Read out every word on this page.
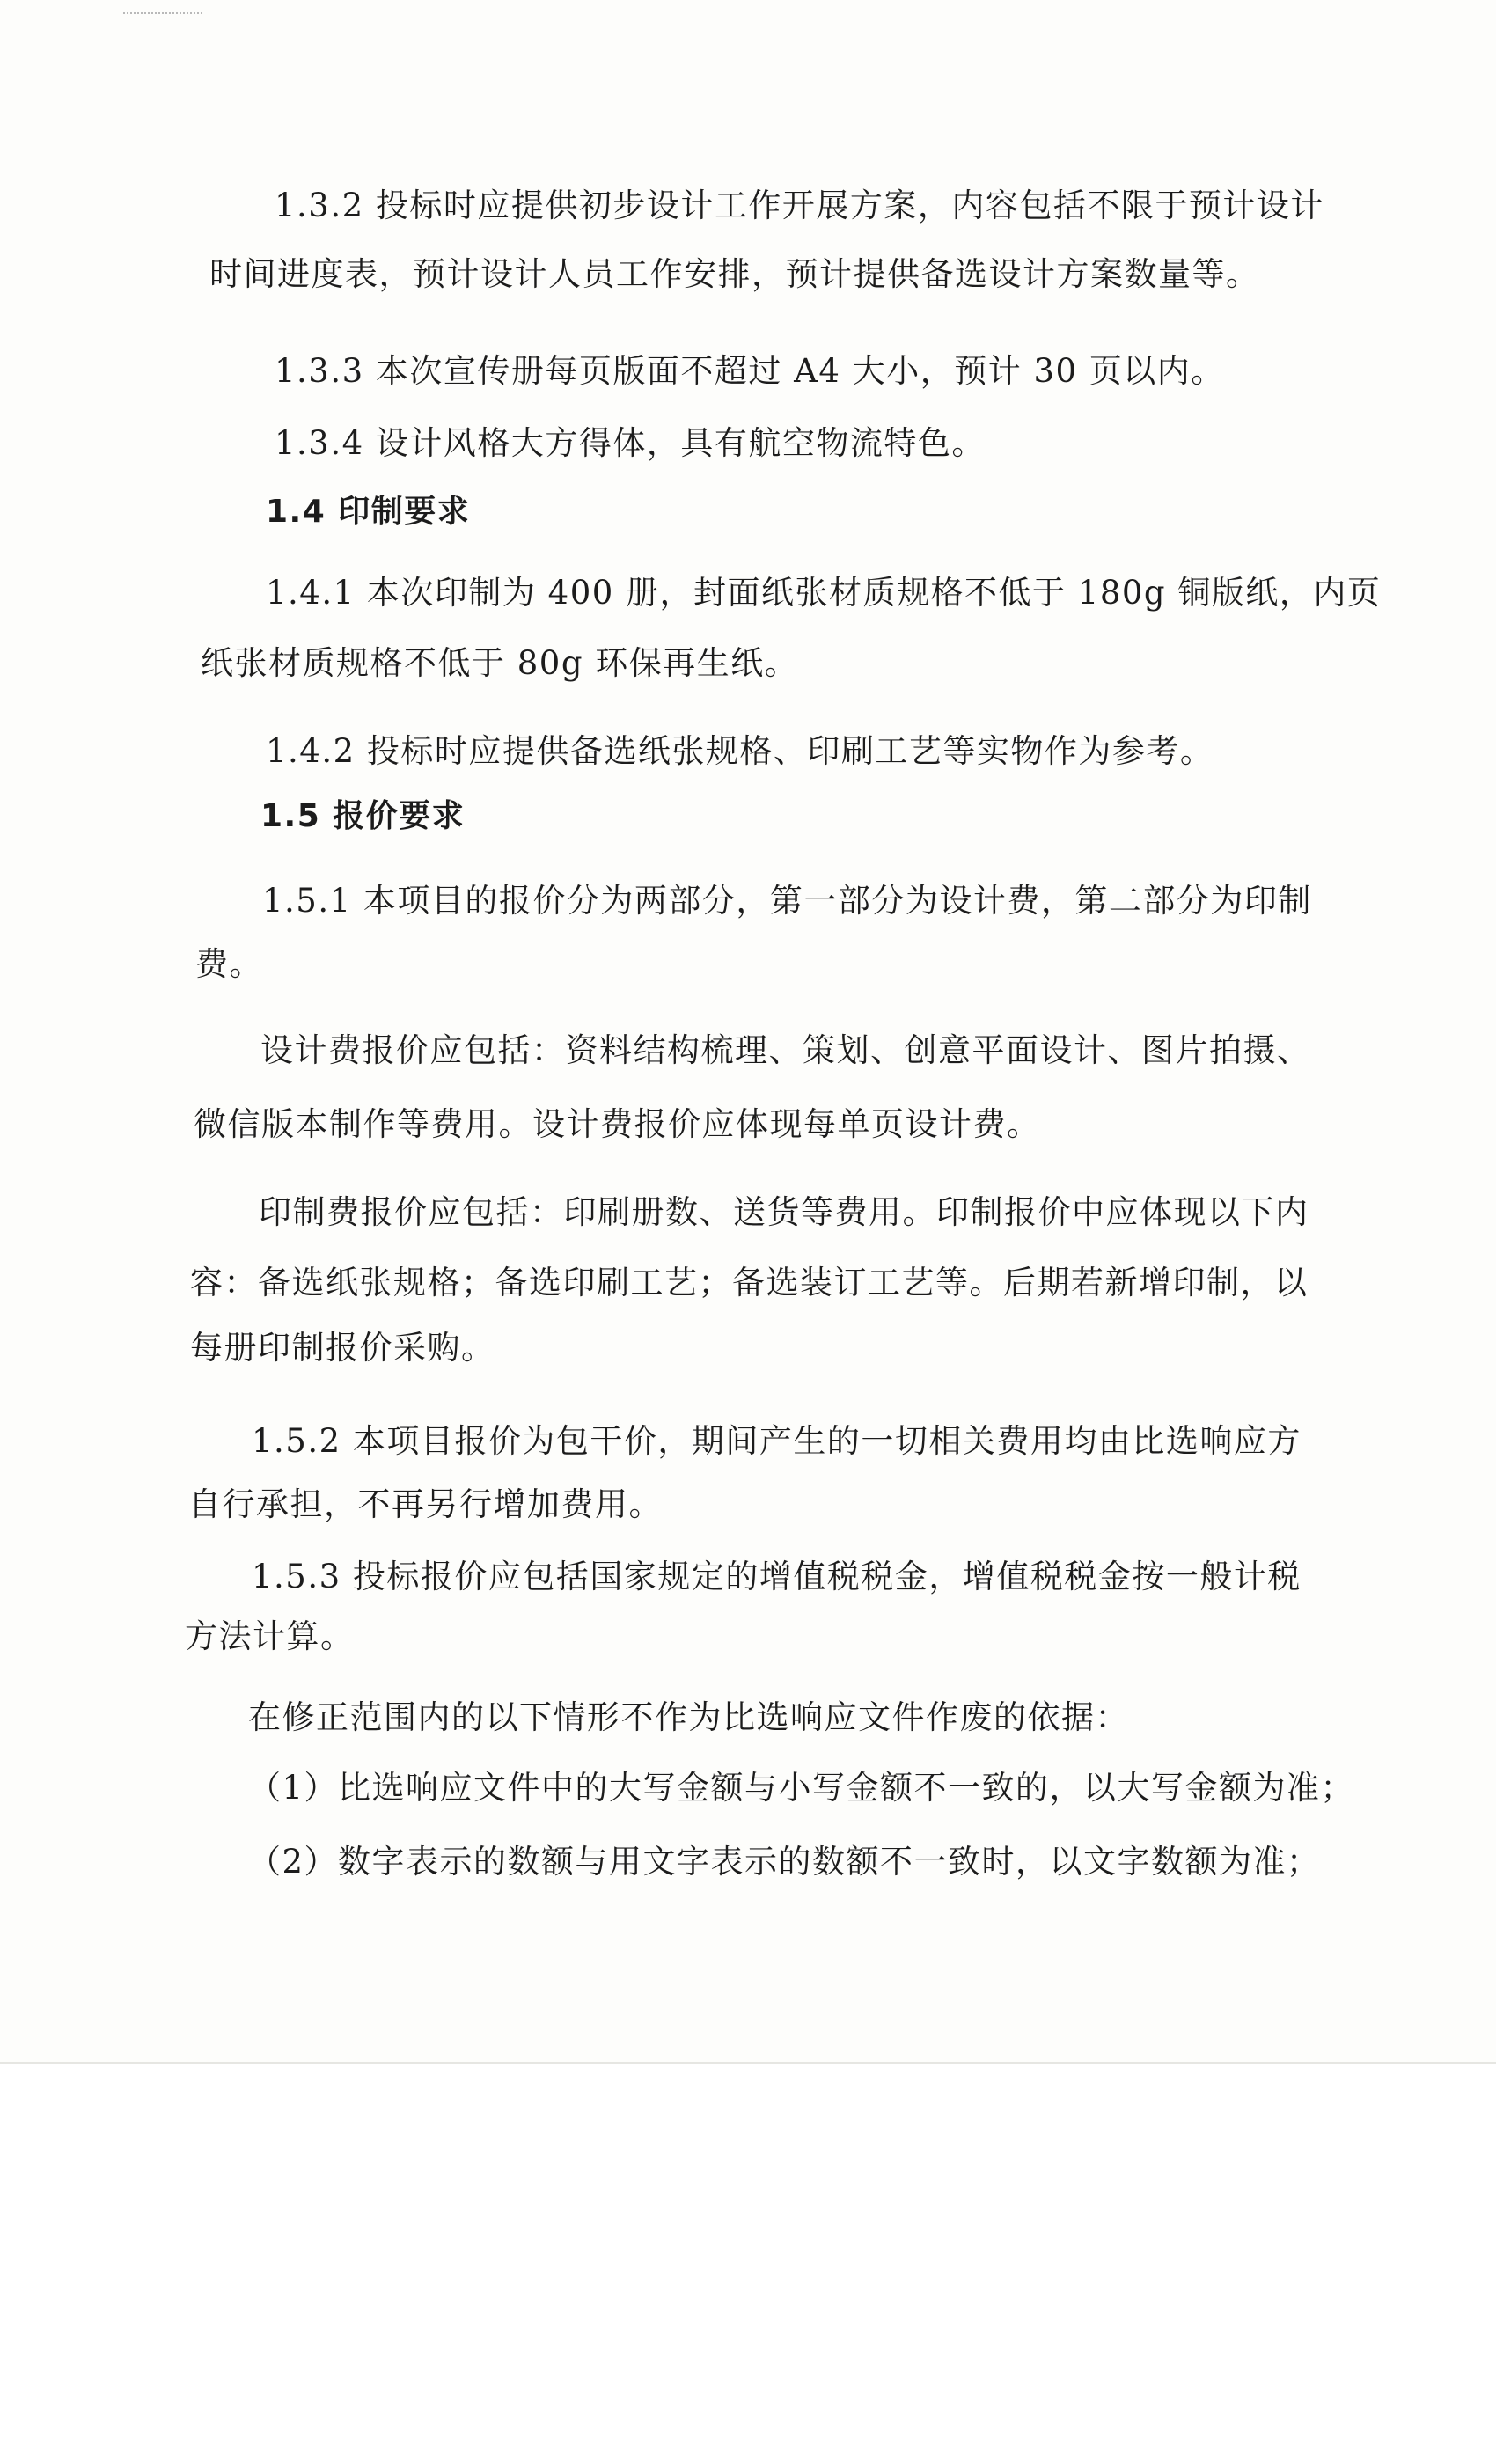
1.3.2 投标时应提供初步设计工作开展方案，内容包括不限于预计设计
时间进度表，预计设计人员工作安排，预计提供备选设计方案数量等。
1.3.3 本次宣传册每页版面不超过 A4 大小，预计 30 页以内。
1.3.4 设计风格大方得体，具有航空物流特色。
1.4 印制要求
1.4.1 本次印制为 400 册，封面纸张材质规格不低于 180g 铜版纸，内页
纸张材质规格不低于 80g 环保再生纸。
1.4.2 投标时应提供备选纸张规格、印刷工艺等实物作为参考。
1.5 报价要求
1.5.1 本项目的报价分为两部分，第一部分为设计费，第二部分为印制
费。
设计费报价应包括：资料结构梳理、策划、创意平面设计、图片拍摄、
微信版本制作等费用。设计费报价应体现每单页设计费。
印制费报价应包括：印刷册数、送货等费用。印制报价中应体现以下内
容：备选纸张规格；备选印刷工艺；备选装订工艺等。后期若新增印制，以
每册印制报价采购。
1.5.2 本项目报价为包干价，期间产生的一切相关费用均由比选响应方
自行承担，不再另行增加费用。
1.5.3 投标报价应包括国家规定的增值税税金，增值税税金按一般计税
方法计算。
在修正范围内的以下情形不作为比选响应文件作废的依据：
（1）比选响应文件中的大写金额与小写金额不一致的，以大写金额为准；
（2）数字表示的数额与用文字表示的数额不一致时，以文字数额为准；
